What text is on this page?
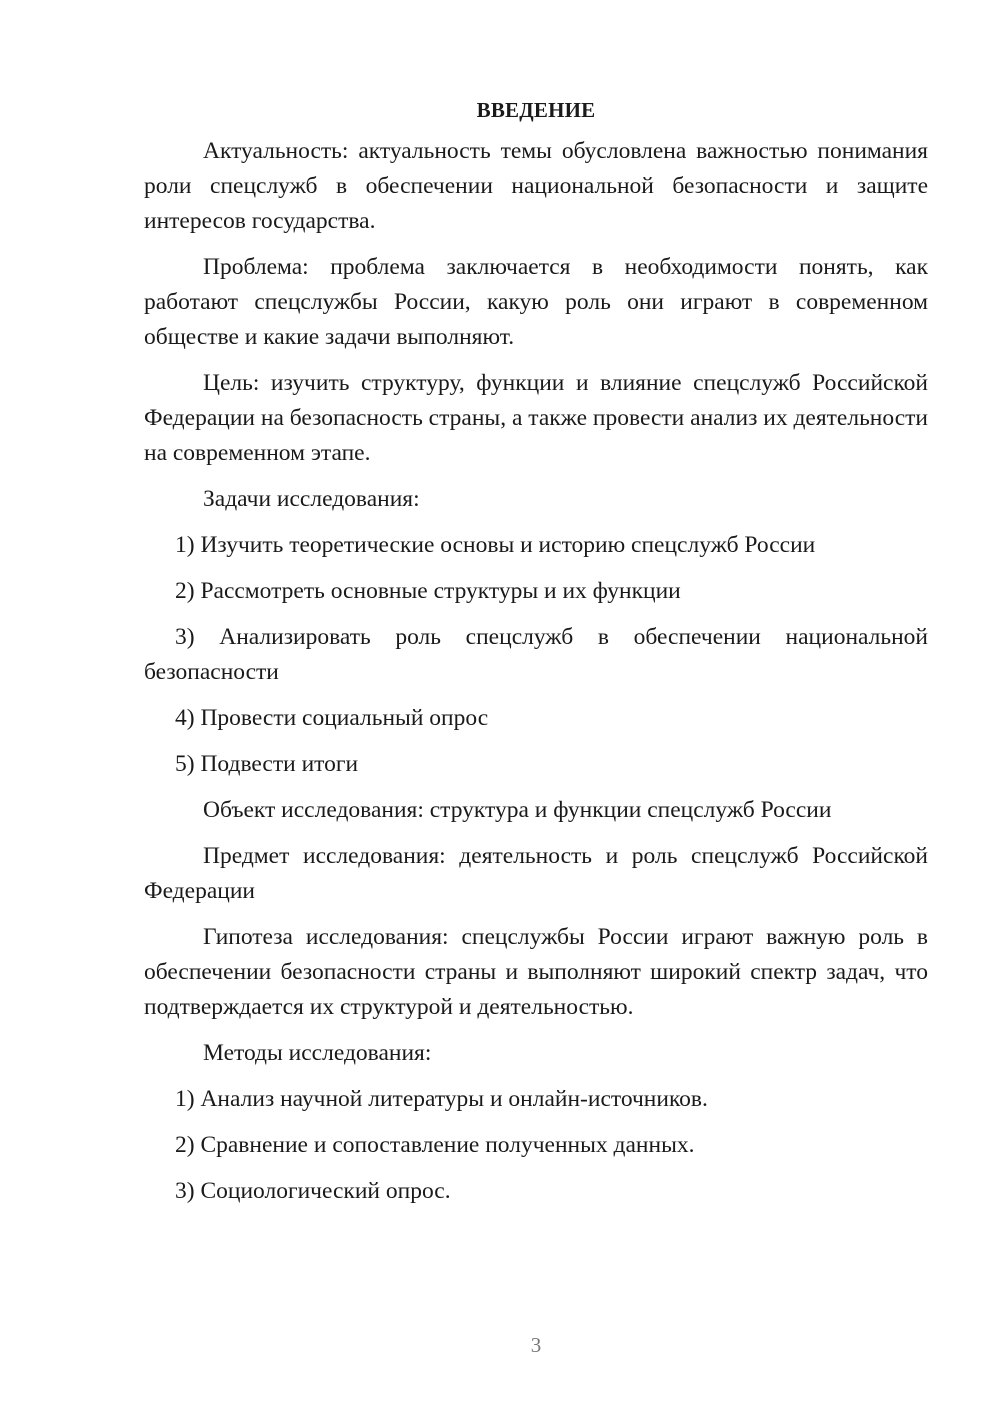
ВВЕДЕНИЕ

Актуальность: актуальность темы обусловлена важностью понимания роли спецслужб в обеспечении национальной безопасности и защите интересов государства.

Проблема: проблема заключается в необходимости понять, как работают спецслужбы России, какую роль они играют в современном обществе и какие задачи выполняют.

Цель: изучить структуру, функции и влияние спецслужб Российской Федерации на безопасность страны, а также провести анализ их деятельности на современном этапе.

Задачи исследования:

1) Изучить теоретические основы и историю спецслужб России

2) Рассмотреть основные структуры и их функции

3) Анализировать роль спецслужб в обеспечении национальной безопасности

4) Провести социальный опрос

5) Подвести итоги

Объект исследования: структура и функции спецслужб России

Предмет исследования: деятельность и роль спецслужб Российской Федерации

Гипотеза исследования: спецслужбы России играют важную роль в обеспечении безопасности страны и выполняют широкий спектр задач, что подтверждается их структурой и деятельностью.

Методы исследования:

1) Анализ научной литературы и онлайн-источников.

2) Сравнение и сопоставление полученных данных.

3) Социологический опрос.

3
